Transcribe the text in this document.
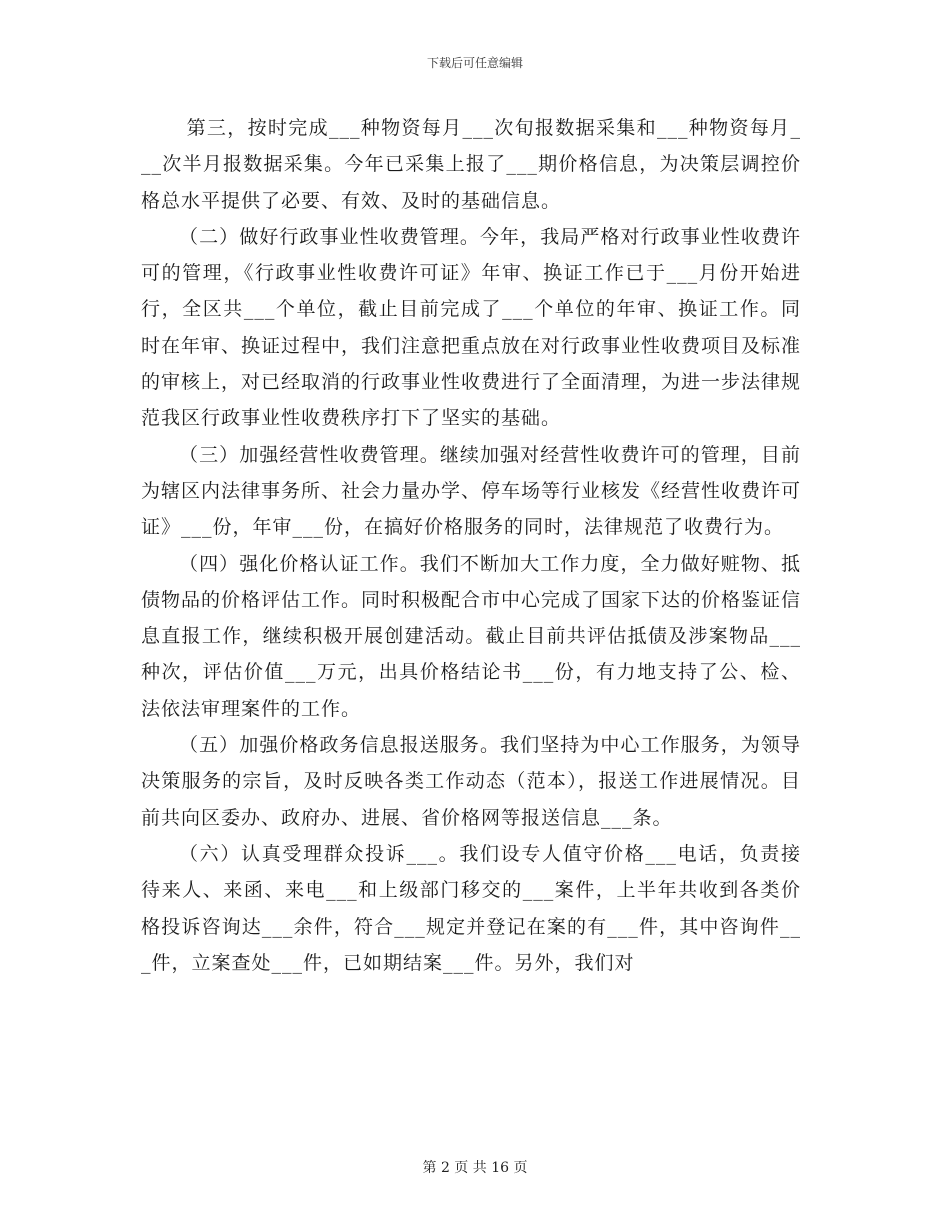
下载后可任意编辑

第三，按时完成___种物资每月___次旬报数据采集和___种物资每月___次半月报数据采集。今年已采集上报了___期价格信息，为决策层调控价格总水平提供了必要、有效、及时的基础信息。

（二）做好行政事业性收费管理。今年，我局严格对行政事业性收费许可的管理，《行政事业性收费许可证》年审、换证工作已于___月份开始进行，全区共___个单位，截止目前完成了___个单位的年审、换证工作。同时在年审、换证过程中，我们注意把重点放在对行政事业性收费项目及标准的审核上，对已经取消的行政事业性收费进行了全面清理，为进一步法律规范我区行政事业性收费秩序打下了坚实的基础。

（三）加强经营性收费管理。继续加强对经营性收费许可的管理，目前为辖区内法律事务所、社会力量办学、停车场等行业核发《经营性收费许可证》___份，年审___份，在搞好价格服务的同时，法律规范了收费行为。

（四）强化价格认证工作。我们不断加大工作力度，全力做好赃物、抵债物品的价格评估工作。同时积极配合市中心完成了国家下达的价格鉴证信息直报工作，继续积极开展创建活动。截止目前共评估抵债及涉案物品___种次，评估价值___万元，出具价格结论书___份，有力地支持了公、检、法依法审理案件的工作。

（五）加强价格政务信息报送服务。我们坚持为中心工作服务，为领导决策服务的宗旨，及时反映各类工作动态（范本），报送工作进展情况。目前共向区委办、政府办、进展、省价格网等报送信息___条。

（六）认真受理群众投诉___。我们设专人值守价格___电话，负责接待来人、来函、来电___和上级部门移交的___案件，上半年共收到各类价格投诉咨询达___余件，符合___规定并登记在案的有___件，其中咨询件___件，立案查处___件，已如期结案___件。另外，我们对

第 2 页 共 16 页
